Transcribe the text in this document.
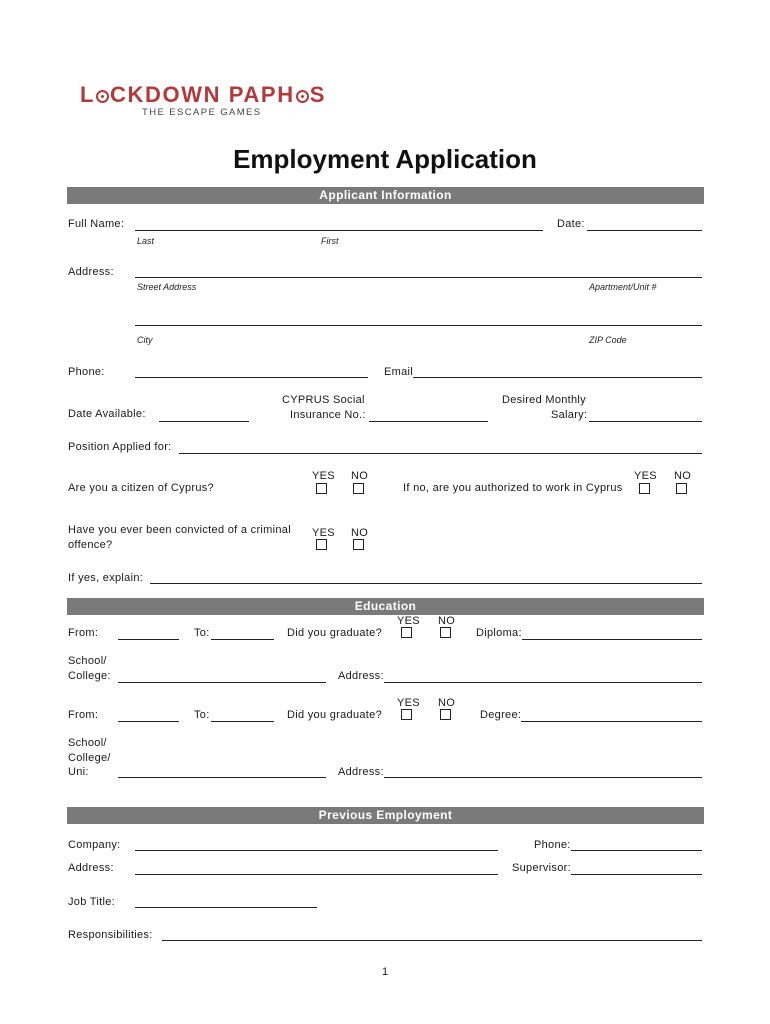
L CKDOWN PAPH S
THE ESCAPE GAMES
Employment Application
Applicant Information
Full Name:
Last	First
Date:
Address:
Street Address	Apartment/Unit #
City	ZIP Code
Phone:	Email
CYPRUS Social
Insurance No.:
Desired Monthly
Salary:
Date Available:
Position Applied for:
YES NO
Are you a citizen of Cyprus?
YES NO
If no, are you authorized to work in Cyprus
Have you ever been convicted of a criminal
offence?
YES NO
If yes, explain:
Education
YES NO
From:	To:	Did you graduate?	Diploma:
School/
College:	Address:
YES NO
From:	To:	Did you graduate?	Degree:
School/
College/
Uni:	Address:
Previous Employment
Company:	Phone:
Address:	Supervisor:
Job Title:
Responsibilities:
1
